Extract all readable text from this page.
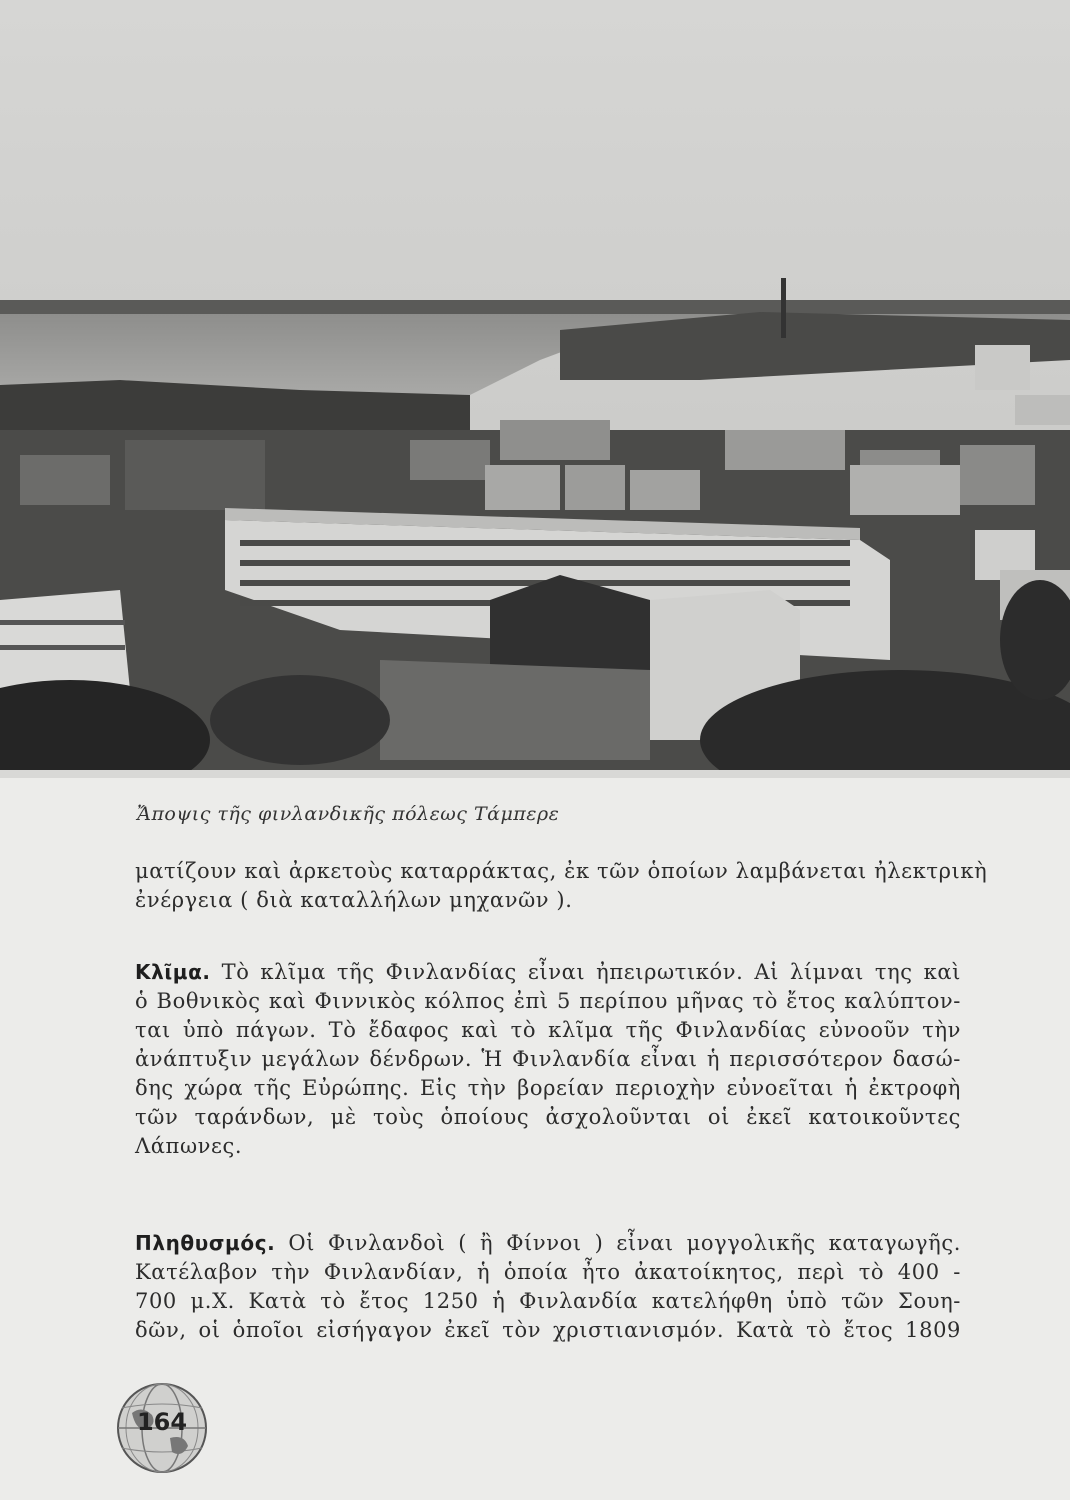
Ἄποψις τῆς φινλανδικῆς πόλεως Τάμπερε
ματίζουν καὶ ἀρκετοὺς καταρράκτας, ἐκ τῶν ὁποίων λαμβάνεται ἠλεκτρικὴ
ἐνέργεια ( διὰ καταλλήλων μηχανῶν ).
Κλῖμα. Τὸ κλῖμα τῆς Φινλανδίας εἶναι ἠπειρωτικόν. Αἱ λίμναι της καὶ
ὁ Βοθνικὸς καὶ Φιννικὸς κόλπος ἐπὶ 5 περίπου μῆνας τὸ ἔτος καλύπτον-
ται ὑπὸ πάγων. Τὸ ἔδαφος καὶ τὸ κλῖμα τῆς Φινλανδίας εὐνοοῦν τὴν
ἀνάπτυξιν μεγάλων δένδρων. Ἡ Φινλανδία εἶναι ἡ περισσότερον δασώ-
δης χώρα τῆς Εὐρώπης. Εἰς τὴν βορείαν περιοχὴν εὐνοεῖται ἡ ἐκτροφὴ
τῶν ταράνδων, μὲ τοὺς ὁποίους ἀσχολοῦνται οἱ ἐκεῖ κατοικοῦντες
Λάπωνες.
Πληθυσμός. Οἱ Φινλανδοὶ ( ἢ Φίννοι ) εἶναι μογγολικῆς καταγωγῆς.
Κατέλαβον τὴν Φινλανδίαν, ἡ ὁποία ἦτο ἀκατοίκητος, περὶ τὸ 400 -
700 μ.Χ. Κατὰ τὸ ἔτος 1250 ἡ Φινλανδία κατελήφθη ὑπὸ τῶν Σουη-
δῶν, οἱ ὁποῖοι εἰσήγαγον ἐκεῖ τὸν χριστιανισμόν. Κατὰ τὸ ἔτος 1809
164
